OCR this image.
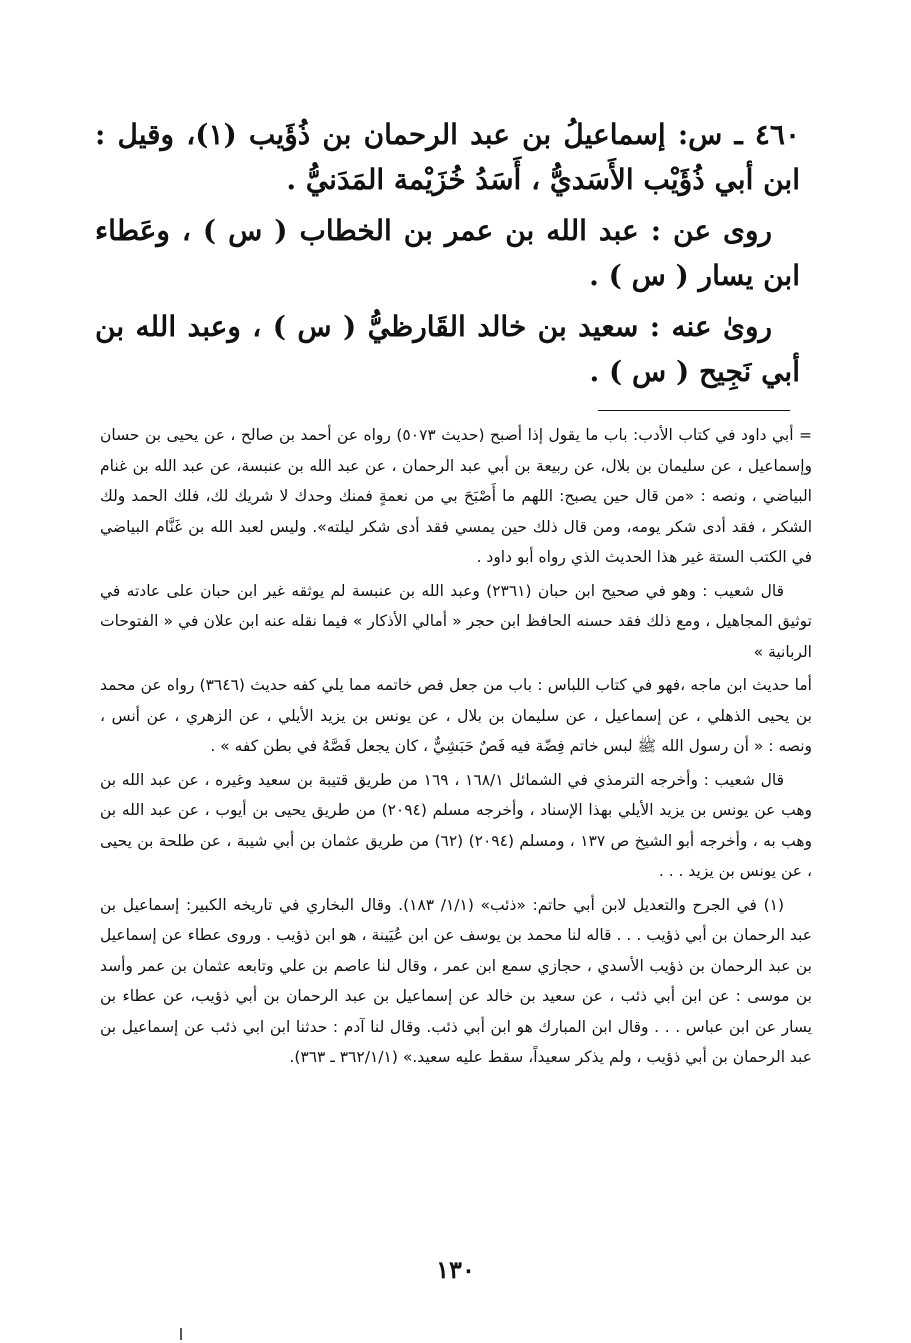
٤٦٠ ـ س: إسماعيلُ بن عبد الرحمان بن ذُؤَيب (١)، وقيل : ابن أبي ذُؤَيْب الأَسَديُّ ، أَسَدُ خُزَيْمة المَدَنيُّ .

روى عن : عبد الله بن عمر بن الخطاب ( س ) ، وعَطاء ابن يسار ( س ) .

روىٰ عنه : سعيد بن خالد القَارظيُّ ( س ) ، وعبد الله بن أبي نَجِيح ( س ) .

= أبي داود في كتاب الأدب: باب ما يقول إذا أصبح (حديث ٥٠٧٣) رواه عن أحمد بن صالح ، عن يحيى بن حسان وإسماعيل ، عن سليمان بن بلال، عن ربيعة بن أبي عبد الرحمان ، عن عبد الله بن عنبسة، عن عبد الله بن غنام البياضي ، ونصه : «من قال حين يصبح: اللهم ما أَصْبَحَ بي من نعمةٍ فمنك وحدك لا شريك لك، فلك الحمد ولك الشكر ، فقد أدى شكر يومه، ومن قال ذلك حين يمسي فقد أدى شكر ليلته». وليس لعبد الله بن غَنَّام البياضي في الكتب الستة غير هذا الحديث الذي رواه أبو داود .

قال شعيب : وهو في صحيح ابن حبان (٢٣٦١) وعبد الله بن عنبسة لم يوثقه غير ابن حبان على عادته في توثيق المجاهيل ، ومع ذلك فقد حسنه الحافظ ابن حجر « أمالي الأذكار » فيما نقله عنه ابن علان في « الفتوحات الربانية »

أما حديث ابن ماجه ،فهو في كتاب اللباس : باب من جعل فص خاتمه مما يلي كفه حديث (٣٦٤٦) رواه عن محمد بن يحيى الذهلي ، عن إسماعيل ، عن سليمان بن بلال ، عن يونس بن يزيد الأيلي ، عن الزهري ، عن أنس ، ونصه : « أن رسول الله ﷺ لبس خاتم فِضّة فيه فَصٌ حَبَشِيٌّ ، كان يجعل فَصَّهُ في بطن كفه » .

قال شعيب : وأخرجه الترمذي في الشمائل ١٦٨/١ ، ١٦٩ من طريق قتيبة بن سعيد وغيره ، عن عبد الله بن وهب عن يونس بن يزيد الأيلي بهذا الإسناد ، وأخرجه مسلم (٢٠٩٤) من طريق يحيى بن أيوب ، عن عبد الله بن وهب به ، وأخرجه أبو الشيخ ص ١٣٧ ، ومسلم (٢٠٩٤) (٦٢) من طريق عثمان بن أبي شيبة ، عن طلحة بن يحيى ، عن يونس بن يزيد . . .

(١) في الجرح والتعديل لابن أبي حاتم: «ذئب» (١/١/ ١٨٣). وقال البخاري في تاريخه الكبير: إسماعيل بن عبد الرحمان بن أبي ذؤيب . . . قاله لنا محمد بن يوسف عن ابن عُيَينة ، هو ابن ذؤيب . وروى عطاء عن إسماعيل بن عبد الرحمان بن ذؤيب الأسدي ، حجازي سمع ابن عمر ، وقال لنا عاصم بن علي وتابعه عثمان بن عمر وأسد بن موسى : عن ابن أبي ذئب ، عن سعيد بن خالد عن إسماعيل بن عبد الرحمان بن أبي ذؤيب، عن عطاء بن يسار عن ابن عباس . . . وقال ابن المبارك هو ابن أبي ذئب. وقال لنا آدم : حدثنا ابن ابي ذئب عن إسماعيل بن عبد الرحمان بن أبي ذؤيب ، ولم يذكر سعيداً، سقط عليه سعيد.» (٣٦٢/١/١ ـ ٣٦٣).

١٣٠
